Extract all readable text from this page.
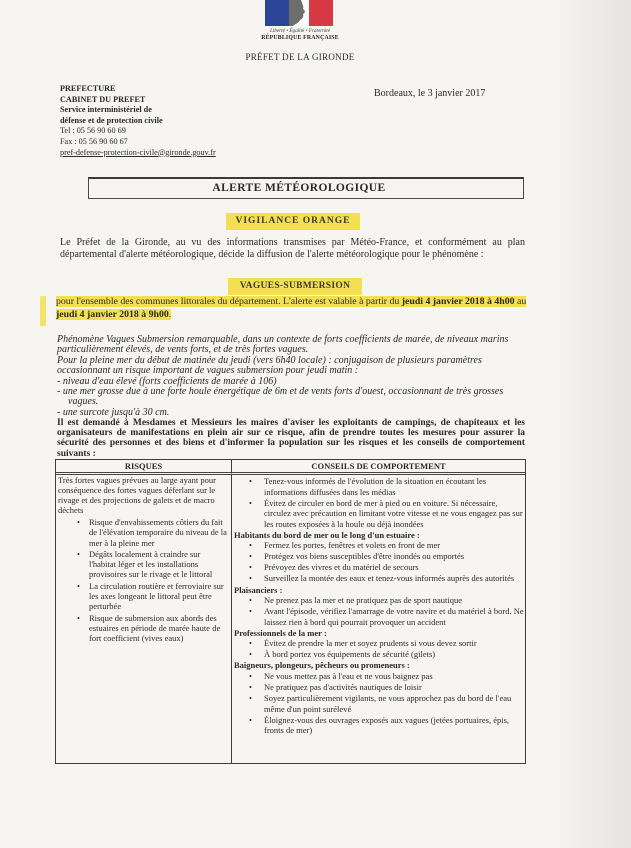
Liberté • Égalité • Fraternité
RÉPUBLIQUE FRANÇAISE
PRÉFET DE LA GIRONDE
PREFECTURE
CABINET DU PREFET
Service interministériel de
défense et de protection civile
Tel : 05 56 90 60 69
Fax : 05 56 90 60 67
pref-defense-protection-civile@gironde.gouv.fr
Bordeaux, le 3 janvier 2017
ALERTE MÉTÉOROLOGIQUE
VIGILANCE ORANGE

Le Préfet de la Gironde, au vu des informations transmises par Météo-France, et conformément au plan départemental d'alerte météorologique, décide la diffusion de l'alerte météorologique pour le phénomène :

VAGUES-SUBMERSION

pour l'ensemble des communes littorales du département. L'alerte est valable à partir du jeudi 4 janvier 2018 à 4h00 au jeudi 4 janvier 2018 à 9h00.

Phénomène Vagues Submersion remarquable, dans un contexte de forts coefficients de marée, de niveaux marins particulièrement élevés, de vents forts, et de très fortes vagues.

Pour la pleine mer du début de matinée du jeudi (vers 6h40 locale) : conjugaison de plusieurs paramètres occasionnant un risque important de vagues submersion pour jeudi matin :

- niveau d'eau élevé (forts coefficients de marée à 106)

- une mer grosse due à une forte houle énergétique de 6m et de vents forts d'ouest, occasionnant de très grosses vagues.

- une surcote jusqu'à 30 cm.

Il est demandé à Mesdames et Messieurs les maires d'aviser les exploitants de campings, de chapiteaux et les organisateurs de manifestations en plein air sur ce risque, afin de prendre toutes les mesures pour assurer la sécurité des personnes et des biens et d'informer la population sur les risques et les conseils de comportement suivants :

RISQUES	CONSEILS DE COMPORTEMENT

Très fortes vagues prévues au large ayant pour conséquence des fortes vagues déferlant sur le rivage et des projections de galets et de macro déchets

• Risque d'envahissements côtiers du fait de l'élévation temporaire du niveau de la mer à la pleine mer
• Dégâts localement à craindre sur l'habitat léger et les installations provisoires sur le rivage et le littoral
• La circulation routière et ferroviaire sur les axes longeant le littoral peut être perturbée
• Risque de submersion aux abords des estuaires en période de marée haute de fort coefficient (vives eaux)
• Tenez-vous informés de l'évolution de la situation en écoutant les informations diffusées dans les médias
• Évitez de circuler en bord de mer à pied ou en voiture. Si nécessaire, circulez avec précaution en limitant votre vitesse et ne vous engagez pas sur les routes exposées à la houle ou déjà inondées

Habitants du bord de mer ou le long d'un estuaire :

• Fermez les portes, fenêtres et volets en front de mer
• Protégez vos biens susceptibles d'être inondés ou emportés
• Prévoyez des vivres et du matériel de secours
• Surveillez la montée des eaux et tenez-vous informés auprès des autorités

Plaisanciers :

• Ne prenez pas la mer et ne pratiquez pas de sport nautique
• Avant l'épisode, vérifiez l'amarrage de votre navire et du matériel à bord. Ne laissez rien à bord qui pourrait provoquer un accident

Professionnels de la mer :

• Évitez de prendre la mer et soyez prudents si vous devez sortir
• À bord portez vos équipements de sécurité (gilets)

Baigneurs, plongeurs, pêcheurs ou promeneurs :

• Ne vous mettez pas à l'eau et ne vous baignez pas
• Ne pratiquez pas d'activités nautiques de loisir
• Soyez particulièrement vigilants, ne vous approchez pas du bord de l'eau même d'un point surélevé
• Éloignez-vous des ouvrages exposés aux vagues (jetées portuaires, épis, fronts de mer)
